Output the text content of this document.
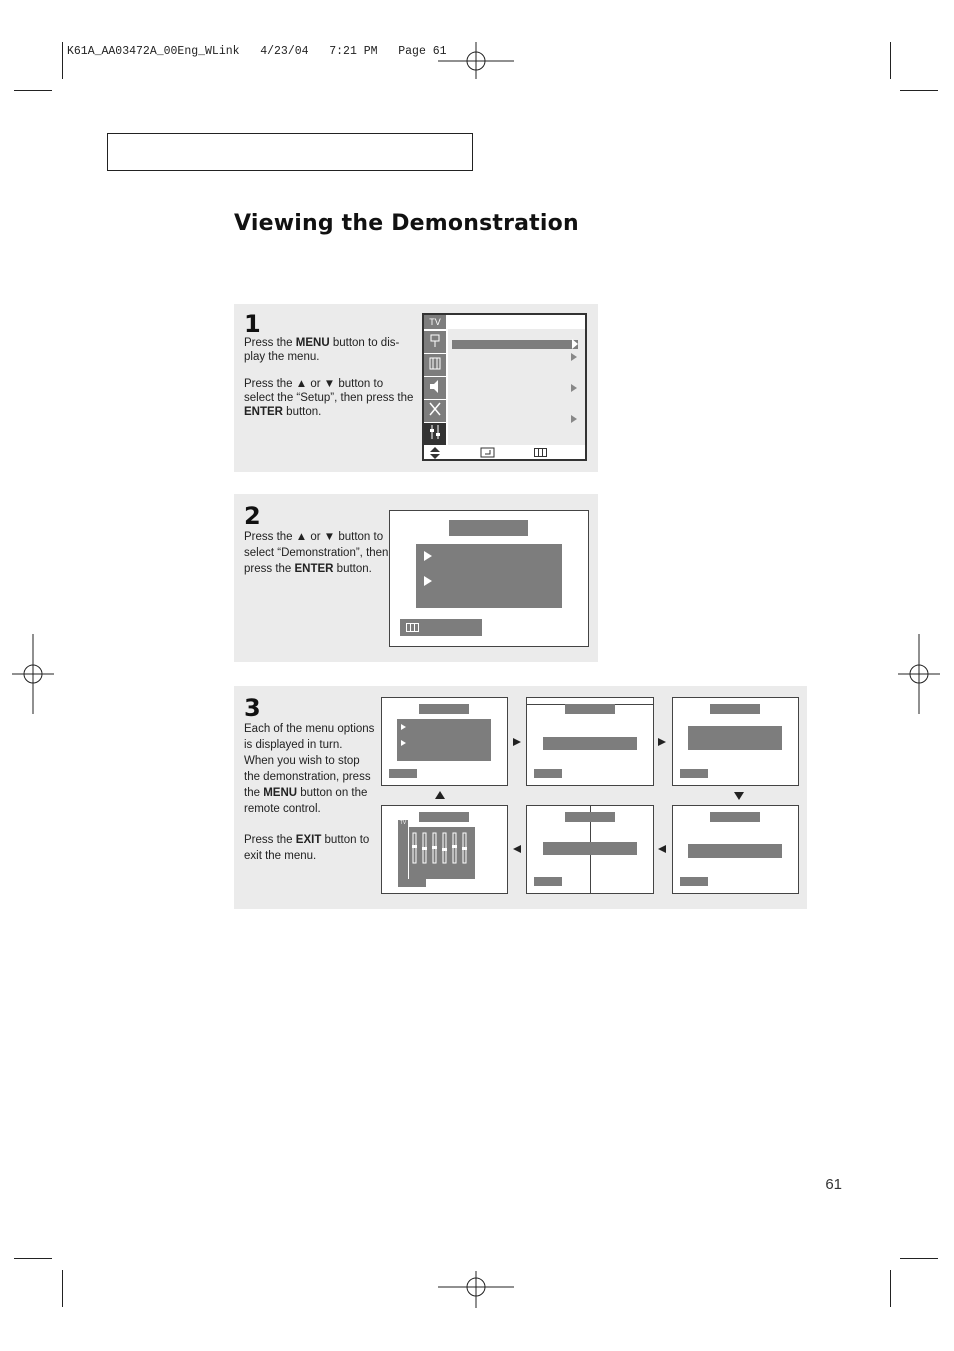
K61A_AA03472A_00Eng_WLink   4/23/04   7:21 PM   Page 61
Viewing the Demonstration
1
Press the MENU button to dis-
play the menu.
Press the ▲ or ▼ button to
select the “Setup”, then press the
ENTER button.
TV
2
Press the ▲ or ▼ button to
select “Demonstration”, then
press the ENTER button.
3
Each of the menu options
is displayed in turn.
When you wish to stop
the demonstration, press
the MENU button on the
remote control.
Press the EXIT button to
exit the menu.
TV
61
